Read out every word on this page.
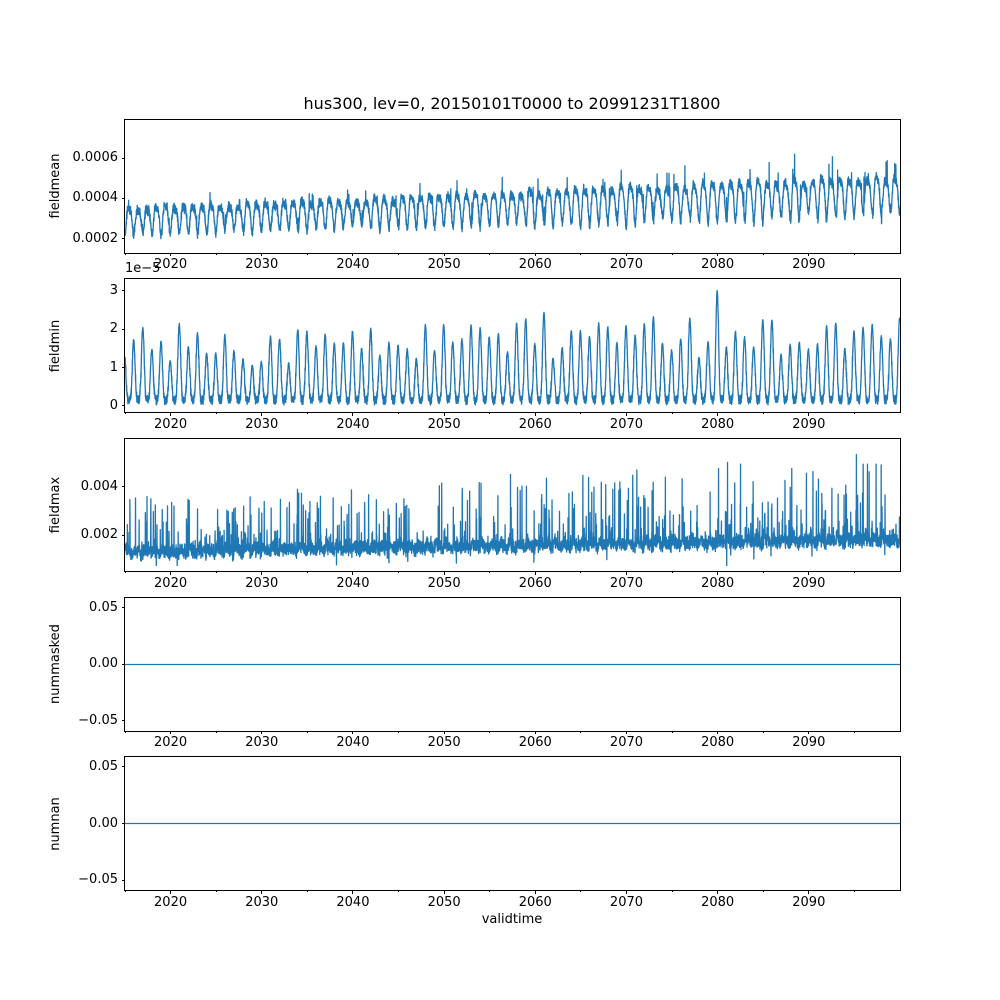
hus300, lev=0, 20150101T0000 to 20991231T1800
2020	2030	2040	2050	2060	2070	2080	2090
0.0002
0.0004
0.0006
fieldmean
2020	2030	2040	2050	2060	2070	2080	2090
0
1
2
3
fieldmin
1e−5
2020	2030	2040	2050	2060	2070	2080	2090
0.002
0.004
fieldmax
2020	2030	2040	2050	2060	2070	2080	2090
−0.05
0.00
0.05
nummasked
2020	2030	2040	2050	2060	2070	2080	2090
−0.05
0.00
0.05
numnan
validtime
